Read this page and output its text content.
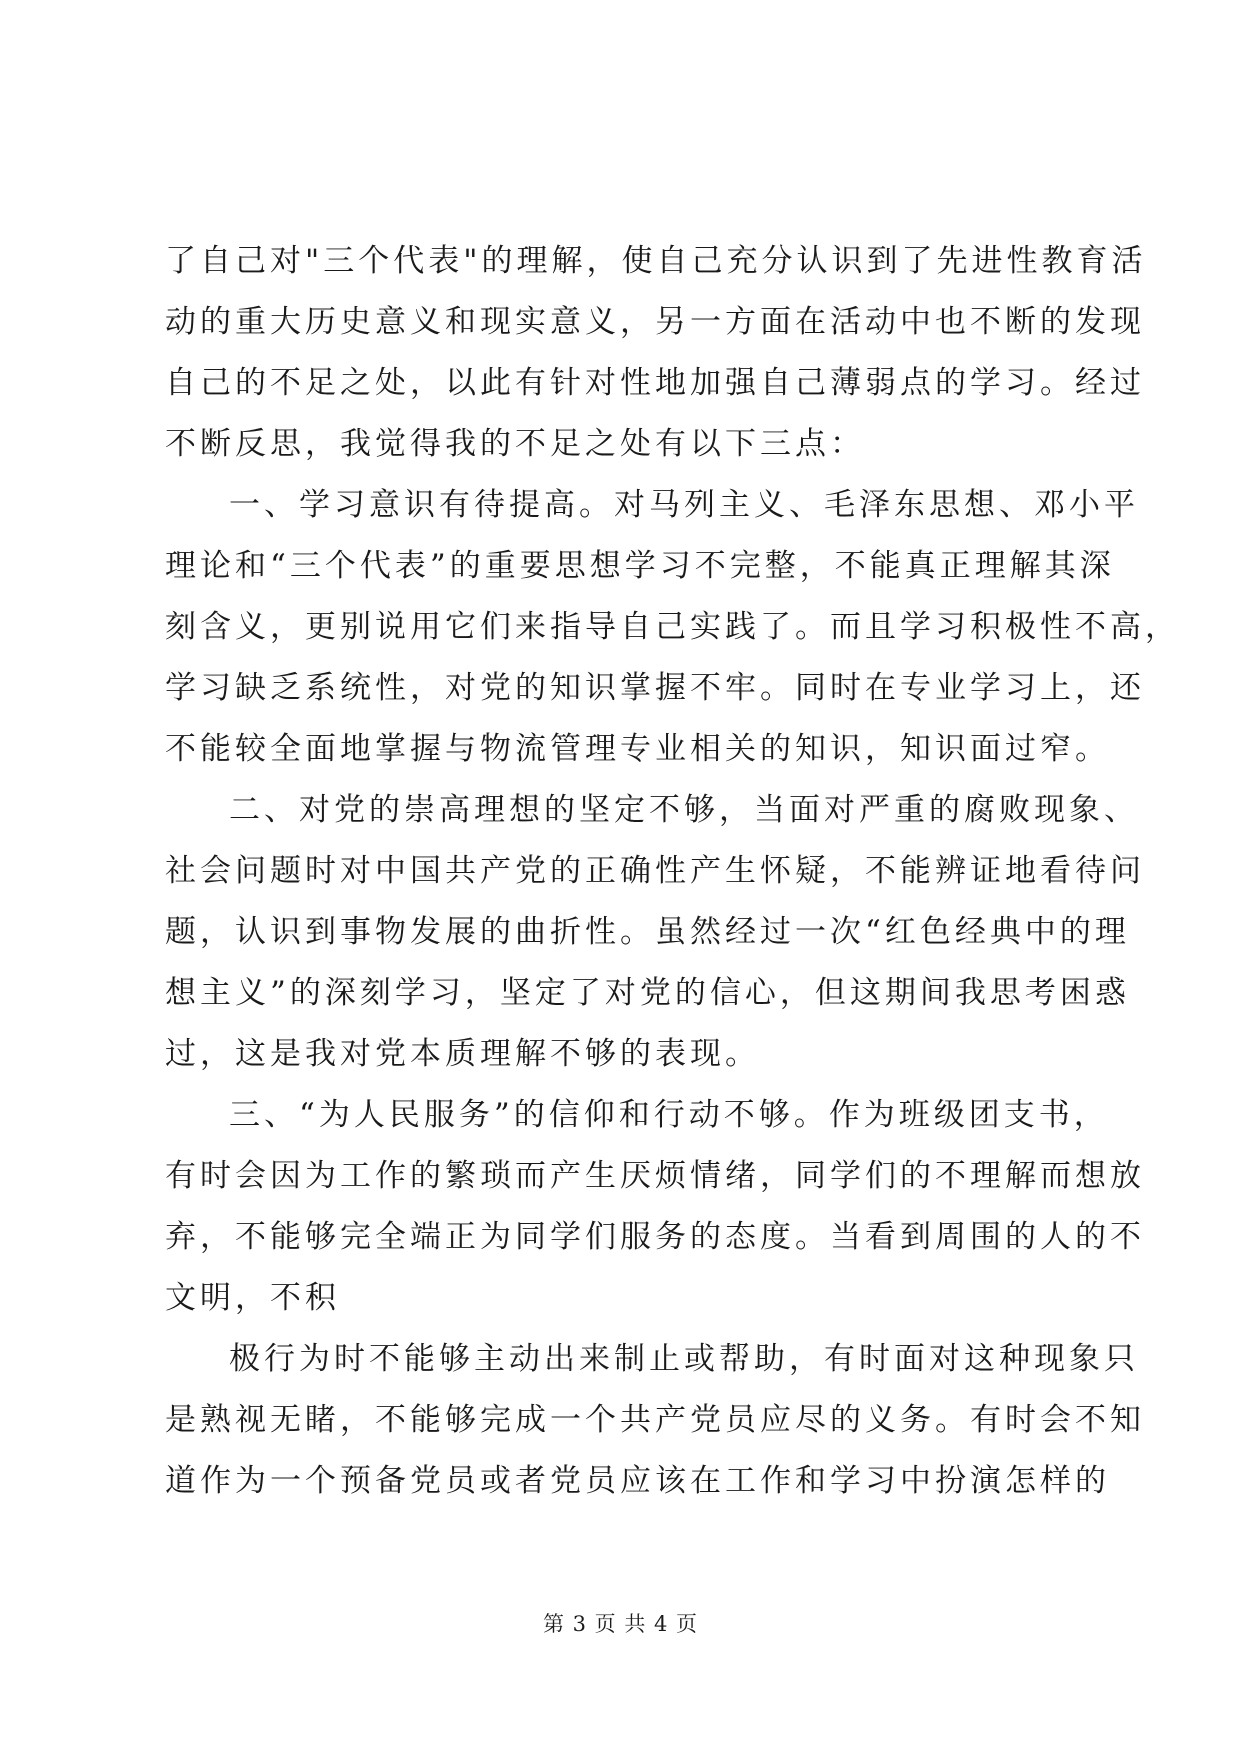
了自己对"三个代表"的理解，使自己充分认识到了先进性教育活
动的重大历史意义和现实意义，另一方面在活动中也不断的发现
自己的不足之处，以此有针对性地加强自己薄弱点的学习。经过
不断反思，我觉得我的不足之处有以下三点：
一、学习意识有待提高。对马列主义、毛泽东思想、邓小平
理论和“三个代表”的重要思想学习不完整，不能真正理解其深
刻含义，更别说用它们来指导自己实践了。而且学习积极性不高，
学习缺乏系统性，对党的知识掌握不牢。同时在专业学习上，还
不能较全面地掌握与物流管理专业相关的知识，知识面过窄。
二、对党的崇高理想的坚定不够，当面对严重的腐败现象、
社会问题时对中国共产党的正确性产生怀疑，不能辨证地看待问
题，认识到事物发展的曲折性。虽然经过一次“红色经典中的理
想主义”的深刻学习，坚定了对党的信心，但这期间我思考困惑
过，这是我对党本质理解不够的表现。
三、“为人民服务”的信仰和行动不够。作为班级团支书，
有时会因为工作的繁琐而产生厌烦情绪，同学们的不理解而想放
弃，不能够完全端正为同学们服务的态度。当看到周围的人的不
文明，不积
极行为时不能够主动出来制止或帮助，有时面对这种现象只
是熟视无睹，不能够完成一个共产党员应尽的义务。有时会不知
道作为一个预备党员或者党员应该在工作和学习中扮演怎样的
第 3 页 共 4 页
